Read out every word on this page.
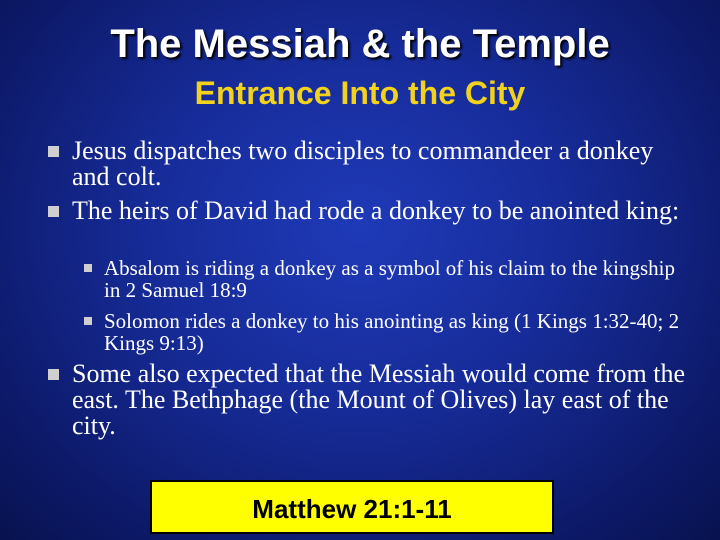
The Messiah & the Temple
Entrance Into the City
Jesus dispatches two disciples to commandeer a donkey and colt.
The heirs of David had rode a donkey to be anointed king:
Absalom is riding a donkey as a symbol of his claim to the kingship in 2 Samuel 18:9
Solomon rides a donkey to his anointing as king (1 Kings 1:32-40; 2 Kings 9:13)
Some also expected that the Messiah would come from the east. The Bethphage (the Mount of Olives) lay east of the city.
Matthew 21:1-11
